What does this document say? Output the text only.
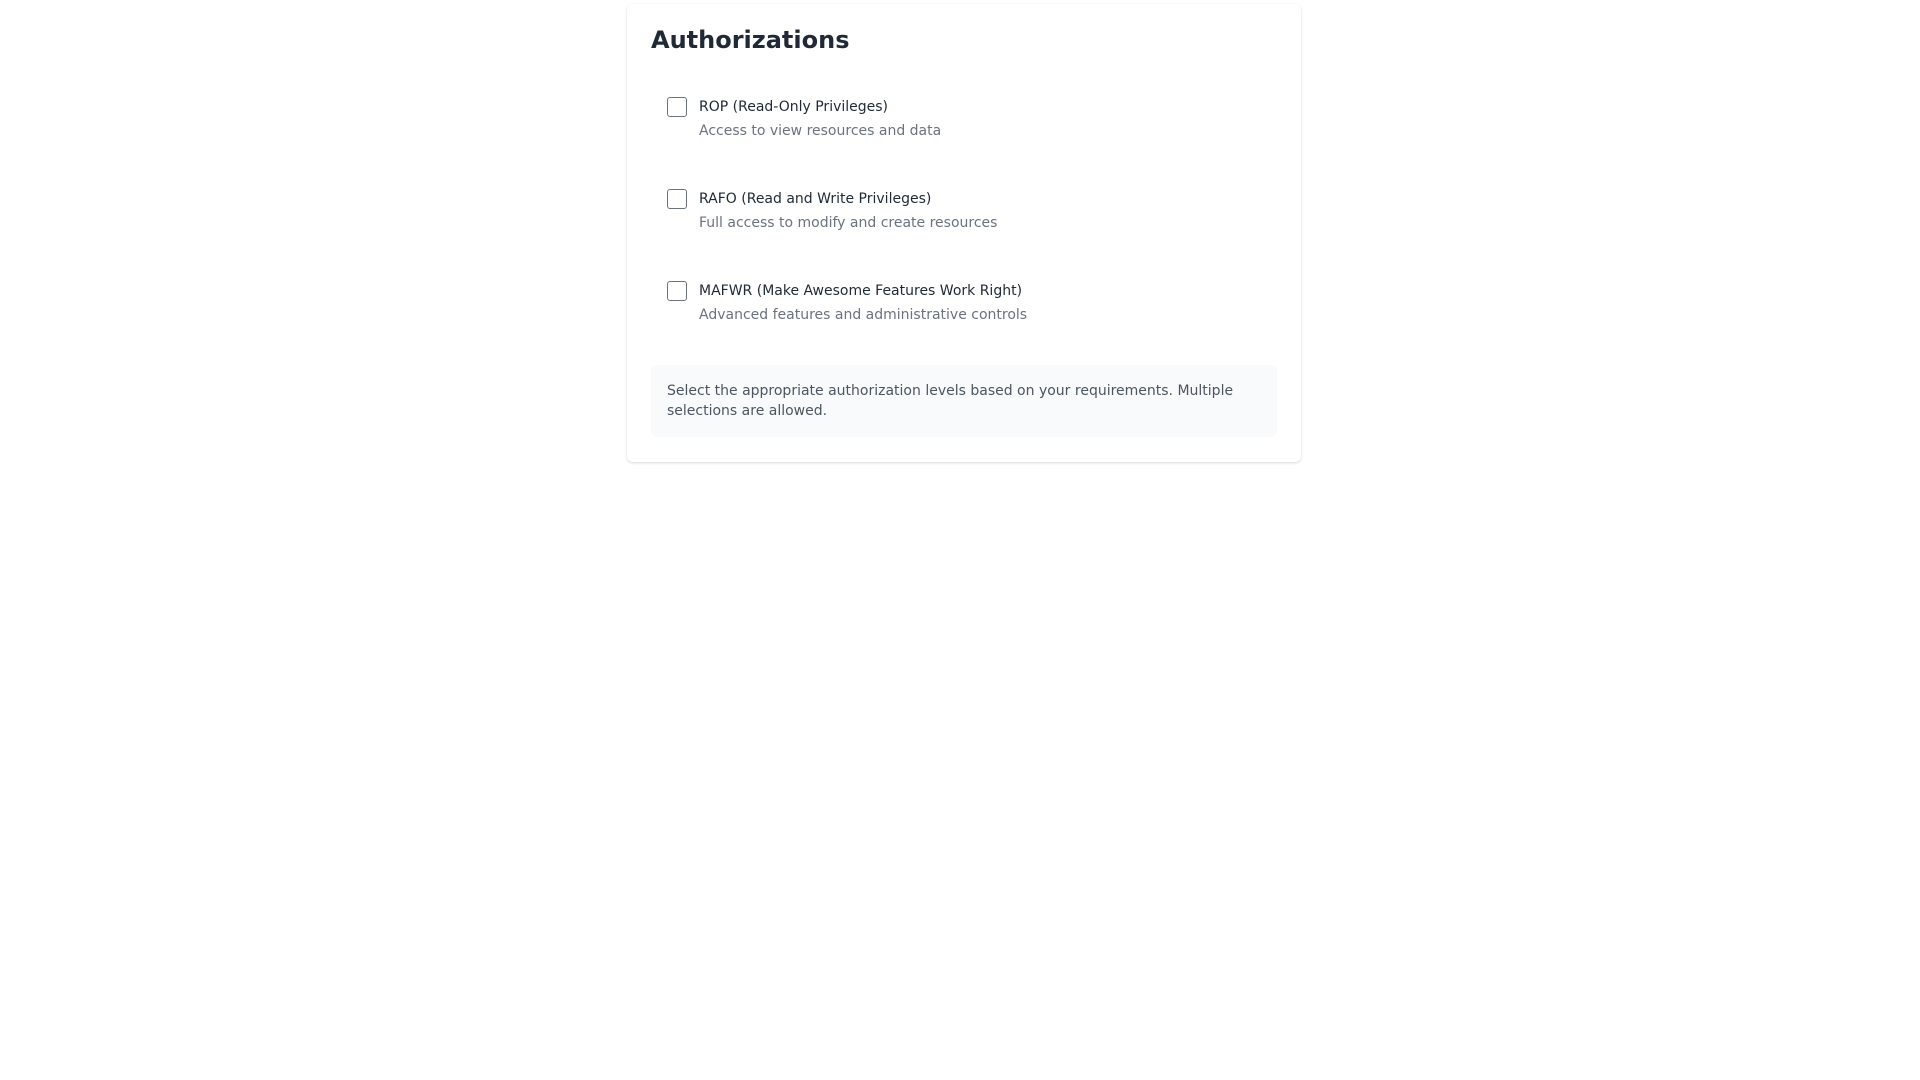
Authorizations
ROP (Read-Only Privileges)
Access to view resources and data
RAFO (Read and Write Privileges)
Full access to modify and create resources
MAFWR (Make Awesome Features Work Right)
Advanced features and administrative controls
Select the appropriate authorization levels based on your requirements. Multiple selections are allowed.
